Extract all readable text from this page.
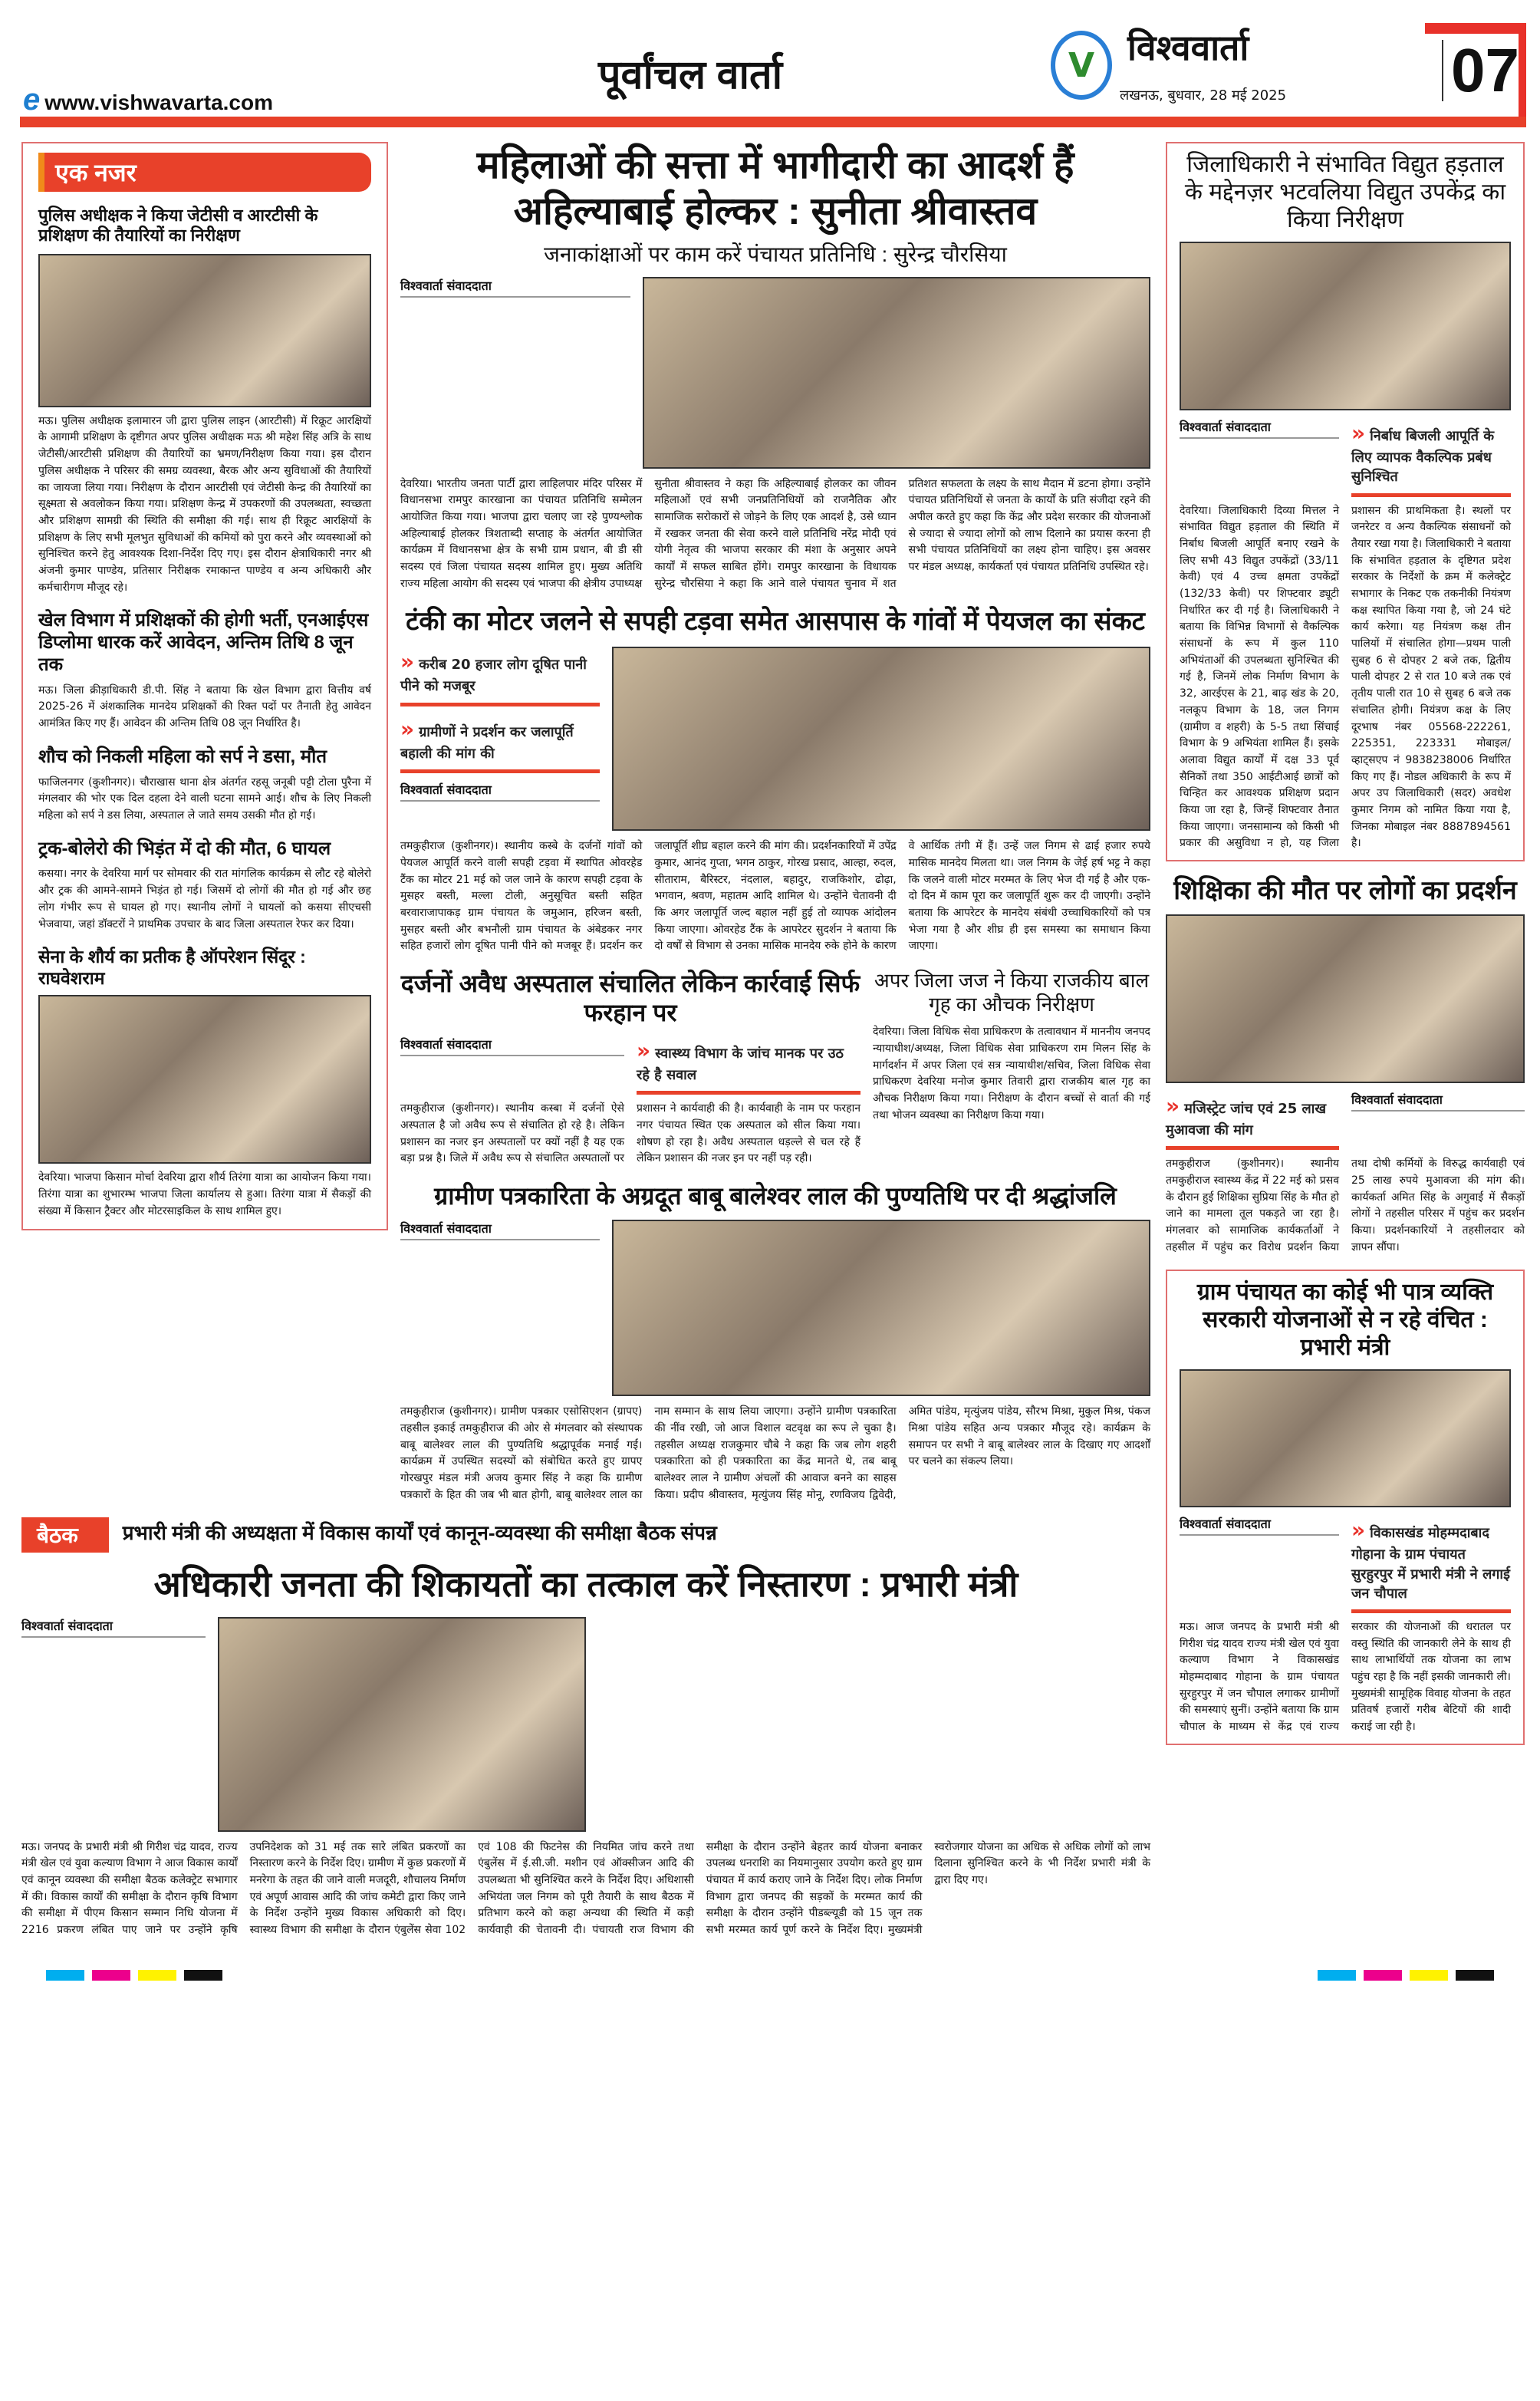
e www.vishwavarta.com
पूर्वांचल वार्ता	V विश्ववार्ता
लखनऊ, बुधवार, 28 मई 2025	07
एक नजर
पुलिस अधीक्षक ने किया जेटीसी व आरटीसी के प्रशिक्षण की तैयारियों का निरीक्षण
मऊ। पुलिस अधीक्षक इलामारन जी द्वारा पुलिस लाइन (आरटीसी) में रिक्रूट आरक्षियों के आगामी प्रशिक्षण के दृष्टीगत अपर पुलिस अधीक्षक मऊ श्री महेश सिंह अत्रि के साथ जेटीसी/आरटीसी प्रशिक्षण की तैयारियों का भ्रमण/निरीक्षण किया गया। इस दौरान पुलिस अधीक्षक ने परिसर की समग्र व्यवस्था, बैरक और अन्य सुविधाओं की तैयारियों का जायजा लिया गया। निरीक्षण के दौरान आरटीसी एवं जेटीसी केन्द्र की तैयारियों का सूक्ष्मता से अवलोकन किया गया। प्रशिक्षण केन्द्र में उपकरणों की उपलब्धता, स्वच्छता और प्रशिक्षण सामग्री की स्थिति की समीक्षा की गई। साथ ही रिक्रूट आरक्षियों के प्रशिक्षण के लिए सभी मूलभुत सुविधाओं की कमियों को पुरा करने और व्यवस्थाओं को सुनिश्चित करने हेतु आवश्यक दिशा-निर्देश दिए गए। इस दौरान क्षेत्राधिकारी नगर श्री अंजनी कुमार पाण्डेय, प्रतिसार निरीक्षक रमाकान्त पाण्डेय व अन्य अधिकारी और कर्मचारीगण मौजूद रहे।
खेल विभाग में प्रशिक्षकों की होगी भर्ती, एनआईएस डिप्लोमा धारक करें आवेदन, अन्तिम तिथि 8 जून तक
मऊ। जिला क्रीड़ाधिकारी डी.पी. सिंह ने बताया कि खेल विभाग द्वारा वित्तीय वर्ष 2025-26 में अंशकालिक मानदेय प्रशिक्षकों की रिक्त पदों पर तैनाती हेतु आवेदन आमंत्रित किए गए हैं। आवेदन की अन्तिम तिथि 08 जून निर्धारित है।
शौच को निकली महिला को सर्प ने डसा, मौत
फाजिलनगर (कुशीनगर)। चौराखास थाना क्षेत्र अंतर्गत रहसू जनूबी पट्टी टोला पुरैना में मंगलवार की भोर एक दिल दहला देने वाली घटना सामने आई। शौच के लिए निकली महिला को सर्प ने डस लिया, अस्पताल ले जाते समय उसकी मौत हो गई।
ट्रक-बोलेरो की भिड़ंत में दो की मौत, 6 घायल
कसया। नगर के देवरिया मार्ग पर सोमवार की रात मांगलिक कार्यक्रम से लौट रहे बोलेरो और ट्रक की आमने-सामने भिड़ंत हो गई। जिसमें दो लोगों की मौत हो गई और छह लोग गंभीर रूप से घायल हो गए। स्थानीय लोगों ने घायलों को कसया सीएचसी भेजवाया, जहां डॉक्टरों ने प्राथमिक उपचार के बाद जिला अस्पताल रेफर कर दिया।
सेना के शौर्य का प्रतीक है ऑपरेशन सिंदूर : राघवेशराम
देवरिया। भाजपा किसान मोर्चा देवरिया द्वारा शौर्य तिरंगा यात्रा का आयोजन किया गया। तिरंगा यात्रा का शुभारम्भ भाजपा जिला कार्यालय से हुआ। तिरंगा यात्रा में सैकड़ों की संख्या में किसान ट्रैक्टर और मोटरसाइकिल के साथ शामिल हुए।
महिलाओं की सत्ता में भागीदारी का आदर्श हैं अहिल्याबाई होल्कर : सुनीता श्रीवास्तव
जनाकांक्षाओं पर काम करें पंचायत प्रतिनिधि : सुरेन्द्र चौरसिया
विश्ववार्ता संवाददाता
देवरिया। भारतीय जनता पार्टी द्वारा लाहिलपार मंदिर परिसर में विधानसभा रामपुर कारखाना का पंचायत प्रतिनिधि सम्मेलन आयोजित किया गया। भाजपा द्वारा चलाए जा रहे पुण्यश्लोक अहिल्याबाई होलकर त्रिशताब्दी सप्ताह के अंतर्गत आयोजित कार्यक्रम में विधानसभा क्षेत्र के सभी ग्राम प्रधान, बी डी सी सदस्य एवं जिला पंचायत सदस्य शामिल हुए। मुख्य अतिथि राज्य महिला आयोग की सदस्य एवं भाजपा की क्षेत्रीय उपाध्यक्ष सुनीता श्रीवास्तव ने कहा कि अहिल्याबाई होलकर का जीवन महिलाओं एवं सभी जनप्रतिनिधियों को राजनैतिक और सामाजिक सरोकारों से जोड़ने के लिए एक आदर्श है, उसे ध्यान में रखकर जनता की सेवा करने वाले प्रतिनिधि नरेंद्र मोदी एवं योगी नेतृत्व की भाजपा सरकार की मंशा के अनुसार अपने कार्यों में सफल साबित होंगे। रामपुर कारखाना के विधायक सुरेन्द्र चौरसिया ने कहा कि आने वाले पंचायत चुनाव में शत प्रतिशत सफलता के लक्ष्य के साथ मैदान में डटना होगा। उन्होंने पंचायत प्रतिनिधियों से जनता के कार्यों के प्रति संजीदा रहने की अपील करते हुए कहा कि केंद्र और प्रदेश सरकार की योजनाओं से ज्यादा से ज्यादा लोगों को लाभ दिलाने का प्रयास करना ही सभी पंचायत प्रतिनिधियों का लक्ष्य होना चाहिए। इस अवसर पर मंडल अध्यक्ष, कार्यकर्ता एवं पंचायत प्रतिनिधि उपस्थित रहे।
टंकी का मोटर जलने से सपही टड़वा समेत आसपास के गांवों में पेयजल का संकट
» करीब 20 हजार लोग दूषित पानी पीने को मजबूर
» ग्रामीणों ने प्रदर्शन कर जलापूर्ति बहाली की मांग की
विश्ववार्ता संवाददाता
तमकुहीराज (कुशीनगर)। स्थानीय कस्बे के दर्जनों गांवों को पेयजल आपूर्ति करने वाली सपही टड़वा में स्थापित ओवरहेड टैंक का मोटर 21 मई को जल जाने के कारण सपही टड़वा के मुसहर बस्ती, मल्ला टोली, अनुसूचित बस्ती सहित बरवाराजापाकड़ ग्राम पंचायत के जमुआन, हरिजन बस्ती, मुसहर बस्ती और बभनौली ग्राम पंचायत के अंबेडकर नगर सहित हजारों लोग दूषित पानी पीने को मजबूर हैं। प्रदर्शन कर जलापूर्ति शीघ्र बहाल करने की मांग की। प्रदर्शनकारियों में उपेंद्र कुमार, आनंद गुप्ता, भगन ठाकुर, गोरख प्रसाद, आल्हा, रुदल, सीताराम, बैरिस्टर, नंदलाल, बहादुर, राजकिशोर, ढोढ़ा, भगवान, श्रवण, महातम आदि शामिल थे। उन्होंने चेतावनी दी कि अगर जलापूर्ति जल्द बहाल नहीं हुई तो व्यापक आंदोलन किया जाएगा। ओवरहेड टैंक के आपरेटर सुदर्शन ने बताया कि दो वर्षों से विभाग से उनका मासिक मानदेय रुके होने के कारण वे आर्थिक तंगी में हैं। उन्हें जल निगम से ढाई हजार रुपये मासिक मानदेय मिलता था। जल निगम के जेई हर्ष भट्ट ने कहा कि जलने वाली मोटर मरम्मत के लिए भेज दी गई है और एक-दो दिन में काम पूरा कर जलापूर्ति शुरू कर दी जाएगी। उन्होंने बताया कि आपरेटर के मानदेय संबंधी उच्चाधिकारियों को पत्र भेजा गया है और शीघ्र ही इस समस्या का समाधान किया जाएगा।
दर्जनों अवैध अस्पताल संचालित लेकिन कार्रवाई सिर्फ फरहान पर
विश्ववार्ता संवाददाता
» स्वास्थ्य विभाग के जांच मानक पर उठ रहे है सवाल
तमकुहीराज (कुशीनगर)। स्थानीय कस्बा में दर्जनों ऐसे अस्पताल है जो अवैध रूप से संचालित हो रहे है। लेकिन प्रशासन का नजर इन अस्पतालों पर क्यों नहीं है यह एक बड़ा प्रश्न है। जिले में अवैध रूप से संचालित अस्पतालों पर प्रशासन ने कार्यवाही की है। कार्यवाही के नाम पर फरहान नगर पंचायत स्थित एक अस्पताल को सील किया गया। शोषण हो रहा है। अवैध अस्पताल धड़ल्ले से चल रहे हैं लेकिन प्रशासन की नजर इन पर नहीं पड़ रही।
अपर जिला जज ने किया राजकीय बाल गृह का औचक निरीक्षण
देवरिया। जिला विधिक सेवा प्राधिकरण के तत्वावधान में माननीय जनपद न्यायाधीश/अध्यक्ष, जिला विधिक सेवा प्राधिकरण राम मिलन सिंह के मार्गदर्शन में अपर जिला एवं सत्र न्यायाधीश/सचिव, जिला विधिक सेवा प्राधिकरण देवरिया मनोज कुमार तिवारी द्वारा राजकीय बाल गृह का औचक निरीक्षण किया गया। निरीक्षण के दौरान बच्चों से वार्ता की गई तथा भोजन व्यवस्था का निरीक्षण किया गया।
ग्रामीण पत्रकारिता के अग्रदूत बाबू बालेश्वर लाल की पुण्यतिथि पर दी श्रद्धांजलि
विश्ववार्ता संवाददाता
तमकुहीराज (कुशीनगर)। ग्रामीण पत्रकार एसोसिएशन (ग्रापए) तहसील इकाई तमकुहीराज की ओर से मंगलवार को संस्थापक बाबू बालेश्वर लाल की पुण्यतिथि श्रद्धापूर्वक मनाई गई। कार्यक्रम में उपस्थित सदस्यों को संबोधित करते हुए ग्रापए गोरखपुर मंडल मंत्री अजय कुमार सिंह ने कहा कि ग्रामीण पत्रकारों के हित की जब भी बात होगी, बाबू बालेश्वर लाल का नाम सम्मान के साथ लिया जाएगा। उन्होंने ग्रामीण पत्रकारिता की नींव रखी, जो आज विशाल वटवृक्ष का रूप ले चुका है। तहसील अध्यक्ष राजकुमार चौबे ने कहा कि जब लोग शहरी पत्रकारिता को ही पत्रकारिता का केंद्र मानते थे, तब बाबू बालेश्वर लाल ने ग्रामीण अंचलों की आवाज बनने का साहस किया। प्रदीप श्रीवास्तव, मृत्युंजय सिंह मोनू, रणविजय द्विवेदी, अमित पांडेय, मृत्युंजय पांडेय, सौरभ मिश्रा, मुकुल मिश्र, पंकज मिश्रा पांडेय सहित अन्य पत्रकार मौजूद रहे। कार्यक्रम के समापन पर सभी ने बाबू बालेश्वर लाल के दिखाए गए आदर्शों पर चलने का संकल्प लिया।
बैठक	प्रभारी मंत्री की अध्यक्षता में विकास कार्यों एवं कानून-व्यवस्था की समीक्षा बैठक संपन्न
अधिकारी जनता की शिकायतों का तत्काल करें निस्तारण : प्रभारी मंत्री
विश्ववार्ता संवाददाता
मऊ। जनपद के प्रभारी मंत्री श्री गिरीश चंद्र यादव, राज्य मंत्री खेल एवं युवा कल्याण विभाग ने आज विकास कार्यों एवं कानून व्यवस्था की समीक्षा बैठक कलेक्ट्रेट सभागार में की। विकास कार्यों की समीक्षा के दौरान कृषि विभाग की समीक्षा में पीएम किसान सम्मान निधि योजना में 2216 प्रकरण लंबित पाए जाने पर उन्होंने कृषि उपनिदेशक को 31 मई तक सारे लंबित प्रकरणों का निस्तारण करने के निर्देश दिए। ग्रामीण में कुछ प्रकरणों में मनरेगा के तहत की जाने वाली मजदूरी, शौचालय निर्माण एवं अपूर्ण आवास आदि की जांच कमेटी द्वारा किए जाने के निर्देश उन्होंने मुख्य विकास अधिकारी को दिए। स्वास्थ्य विभाग की समीक्षा के दौरान एंबुलेंस सेवा 102 एवं 108 की फिटनेस की नियमित जांच करने तथा एंबुलेंस में ई.सी.जी. मशीन एवं ऑक्सीजन आदि की उपलब्धता भी सुनिश्चित करने के निर्देश दिए। अधिशासी अभियंता जल निगम को पूरी तैयारी के साथ बैठक में प्रतिभाग करने को कहा अन्यथा की स्थिति में कड़ी कार्यवाही की चेतावनी दी। पंचायती राज विभाग की समीक्षा के दौरान उन्होंने बेहतर कार्य योजना बनाकर उपलब्ध धनराशि का नियमानुसार उपयोग करते हुए ग्राम पंचायत में कार्य कराए जाने के निर्देश दिए। लोक निर्माण विभाग द्वारा जनपद की सड़कों के मरम्मत कार्य की समीक्षा के दौरान उन्होंने पीडब्ल्यूडी को 15 जून तक सभी मरम्मत कार्य पूर्ण करने के निर्देश दिए। मुख्यमंत्री स्वरोजगार योजना का अधिक से अधिक लोगों को लाभ दिलाना सुनिश्चित करने के भी निर्देश प्रभारी मंत्री के द्वारा दिए गए।
जिलाधिकारी ने संभावित विद्युत हड़ताल के मद्देनज़र भटवलिया विद्युत उपकेंद्र का किया निरीक्षण
विश्ववार्ता संवाददाता
» निर्बाध बिजली आपूर्ति के लिए व्यापक वैकल्पिक प्रबंध सुनिश्चित
देवरिया। जिलाधिकारी दिव्या मित्तल ने संभावित विद्युत हड़ताल की स्थिति में निर्बाध बिजली आपूर्ति बनाए रखने के लिए सभी 43 विद्युत उपकेंद्रों (33/11 केवी) एवं 4 उच्च क्षमता उपकेंद्रों (132/33 केवी) पर शिफ्टवार ड्यूटी निर्धारित कर दी गई है। जिलाधिकारी ने बताया कि विभिन्न विभागों से वैकल्पिक संसाधनों के रूप में कुल 110 अभियंताओं की उपलब्धता सुनिश्चित की गई है, जिनमें लोक निर्माण विभाग के 32, आरईएस के 21, बाढ़ खंड के 20, नलकूप विभाग के 18, जल निगम (ग्रामीण व शहरी) के 5-5 तथा सिंचाई विभाग के 9 अभियंता शामिल हैं। इसके अलावा विद्युत कार्यों में दक्ष 33 पूर्व सैनिकों तथा 350 आईटीआई छात्रों को चिन्हित कर आवश्यक प्रशिक्षण प्रदान किया जा रहा है, जिन्हें शिफ्टवार तैनात किया जाएगा। जनसामान्य को किसी भी प्रकार की असुविधा न हो, यह जिला प्रशासन की प्राथमिकता है। स्थलों पर जनरेटर व अन्य वैकल्पिक संसाधनों को तैयार रखा गया है। जिलाधिकारी ने बताया कि संभावित हड़ताल के दृष्टिगत प्रदेश सरकार के निर्देशों के क्रम में कलेक्ट्रेट सभागार के निकट एक तकनीकी नियंत्रण कक्ष स्थापित किया गया है, जो 24 घंटे कार्य करेगा। यह नियंत्रण कक्ष तीन पालियों में संचालित होगा—प्रथम पाली सुबह 6 से दोपहर 2 बजे तक, द्वितीय पाली दोपहर 2 से रात 10 बजे तक एवं तृतीय पाली रात 10 से सुबह 6 बजे तक संचालित होगी। नियंत्रण कक्ष के लिए दूरभाष नंबर 05568-222261, 225351, 223331 मोबाइल/व्हाट्सएप नं 9838238006 निर्धारित किए गए हैं। नोडल अधिकारी के रूप में अपर उप जिलाधिकारी (सदर) अवधेश कुमार निगम को नामित किया गया है, जिनका मोबाइल नंबर 8887894561 है।
शिक्षिका की मौत पर लोगों का प्रदर्शन
» मजिस्ट्रेट जांच एवं 25 लाख मुआवजा की मांग
विश्ववार्ता संवाददाता
तमकुहीराज (कुशीनगर)। स्थानीय तमकुहीराज स्वास्थ्य केंद्र में 22 मई को प्रसव के दौरान हुई शिक्षिका सुप्रिया सिंह के मौत हो जाने का मामला तूल पकड़ते जा रहा है। मंगलवार को सामाजिक कार्यकर्ताओं ने तहसील में पहुंच कर विरोध प्रदर्शन किया तथा दोषी कर्मियों के विरुद्ध कार्यवाही एवं 25 लाख रुपये मुआवजा की मांग की। कार्यकर्ता अमित सिंह के अगुवाई में सैकड़ों लोगों ने तहसील परिसर में पहुंच कर प्रदर्शन किया। प्रदर्शनकारियों ने तहसीलदार को ज्ञापन सौंपा।
ग्राम पंचायत का कोई भी पात्र व्यक्ति सरकारी योजनाओं से न रहे वंचित : प्रभारी मंत्री
विश्ववार्ता संवाददाता
» विकासखंड मोहम्मदाबाद गोहाना के ग्राम पंचायत सुरहुरपुर में प्रभारी मंत्री ने लगाई जन चौपाल
मऊ। आज जनपद के प्रभारी मंत्री श्री गिरीश चंद्र यादव राज्य मंत्री खेल एवं युवा कल्याण विभाग ने विकासखंड मोहम्मदाबाद गोहाना के ग्राम पंचायत सुरहुरपुर में जन चौपाल लगाकर ग्रामीणों की समस्याएं सुनीं। उन्होंने बताया कि ग्राम चौपाल के माध्यम से केंद्र एवं राज्य सरकार की योजनाओं की धरातल पर वस्तु स्थिति की जानकारी लेने के साथ ही साथ लाभार्थियों तक योजना का लाभ पहुंच रहा है कि नहीं इसकी जानकारी ली। मुख्यमंत्री सामूहिक विवाह योजना के तहत प्रतिवर्ष हजारों गरीब बेटियों की शादी कराई जा रही है।
